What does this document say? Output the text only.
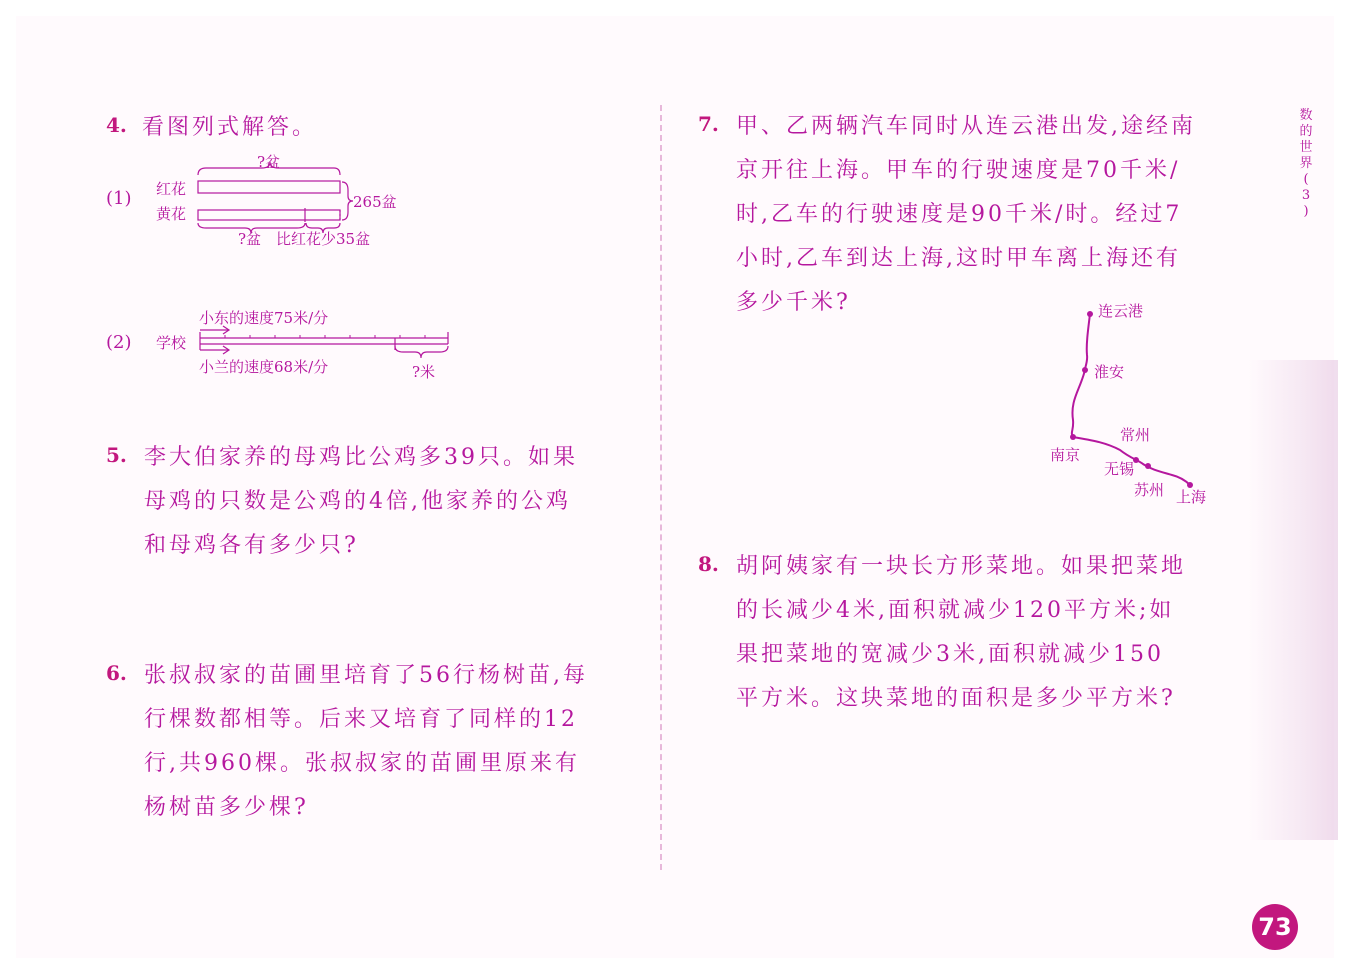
4. 看图列式解答。
(1)
?盆
红花
黄花
265盆
?盆 比红花少35盆
(2) 学校
小东的速度75米/分
小兰的速度68米/分	?米
5. 李大伯家养的母鸡比公鸡多39只。如果
母鸡的只数是公鸡的4倍,他家养的公鸡
和母鸡各有多少只?
6. 张叔叔家的苗圃里培育了56行杨树苗,每
行棵数都相等。后来又培育了同样的12
行,共960棵。张叔叔家的苗圃里原来有
杨树苗多少棵?
7. 甲、乙两辆汽车同时从连云港出发,途经南
京开往上海。甲车的行驶速度是70千米/
时,乙车的行驶速度是90千米/时。经过7
小时,乙车到达上海,这时甲车离上海还有
多少千米?	连云港
淮安
南京
常州
无锡
苏州 上海
8. 胡阿姨家有一块长方形菜地。如果把菜地
的长减少4米,面积就减少120平方米;如
果把菜地的宽减少3米,面积就减少150
平方米。这块菜地的面积是多少平方米?
数
的
世
界
(
3
)
73
